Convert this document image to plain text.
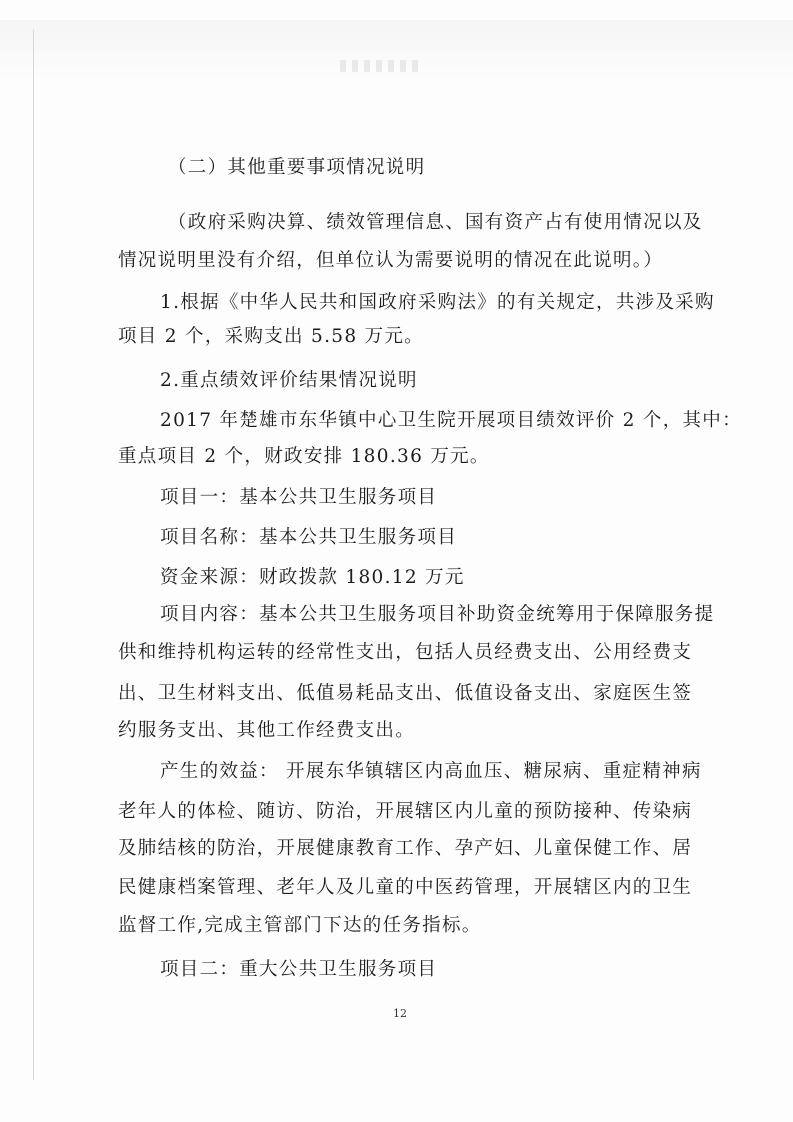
（二）其他重要事项情况说明
（政府采购决算、绩效管理信息、国有资产占有使用情况以及
情况说明里没有介绍，但单位认为需要说明的情况在此说明。）
1.根据《中华人民共和国政府采购法》的有关规定，共涉及采购
项目 2 个，采购支出 5.58 万元。
2.重点绩效评价结果情况说明
2017 年楚雄市东华镇中心卫生院开展项目绩效评价 2 个，其中：
重点项目 2 个，财政安排 180.36 万元。
项目一：基本公共卫生服务项目
项目名称：基本公共卫生服务项目
资金来源：财政拨款 180.12 万元
项目内容：基本公共卫生服务项目补助资金统筹用于保障服务提
供和维持机构运转的经常性支出，包括人员经费支出、公用经费支
出、卫生材料支出、低值易耗品支出、低值设备支出、家庭医生签
约服务支出、其他工作经费支出。
产生的效益： 开展东华镇辖区内高血压、糖尿病、重症精神病
老年人的体检、随访、防治，开展辖区内儿童的预防接种、传染病
及肺结核的防治，开展健康教育工作、孕产妇、儿童保健工作、居
民健康档案管理、老年人及儿童的中医药管理，开展辖区内的卫生
监督工作,完成主管部门下达的任务指标。
项目二：重大公共卫生服务项目
12
